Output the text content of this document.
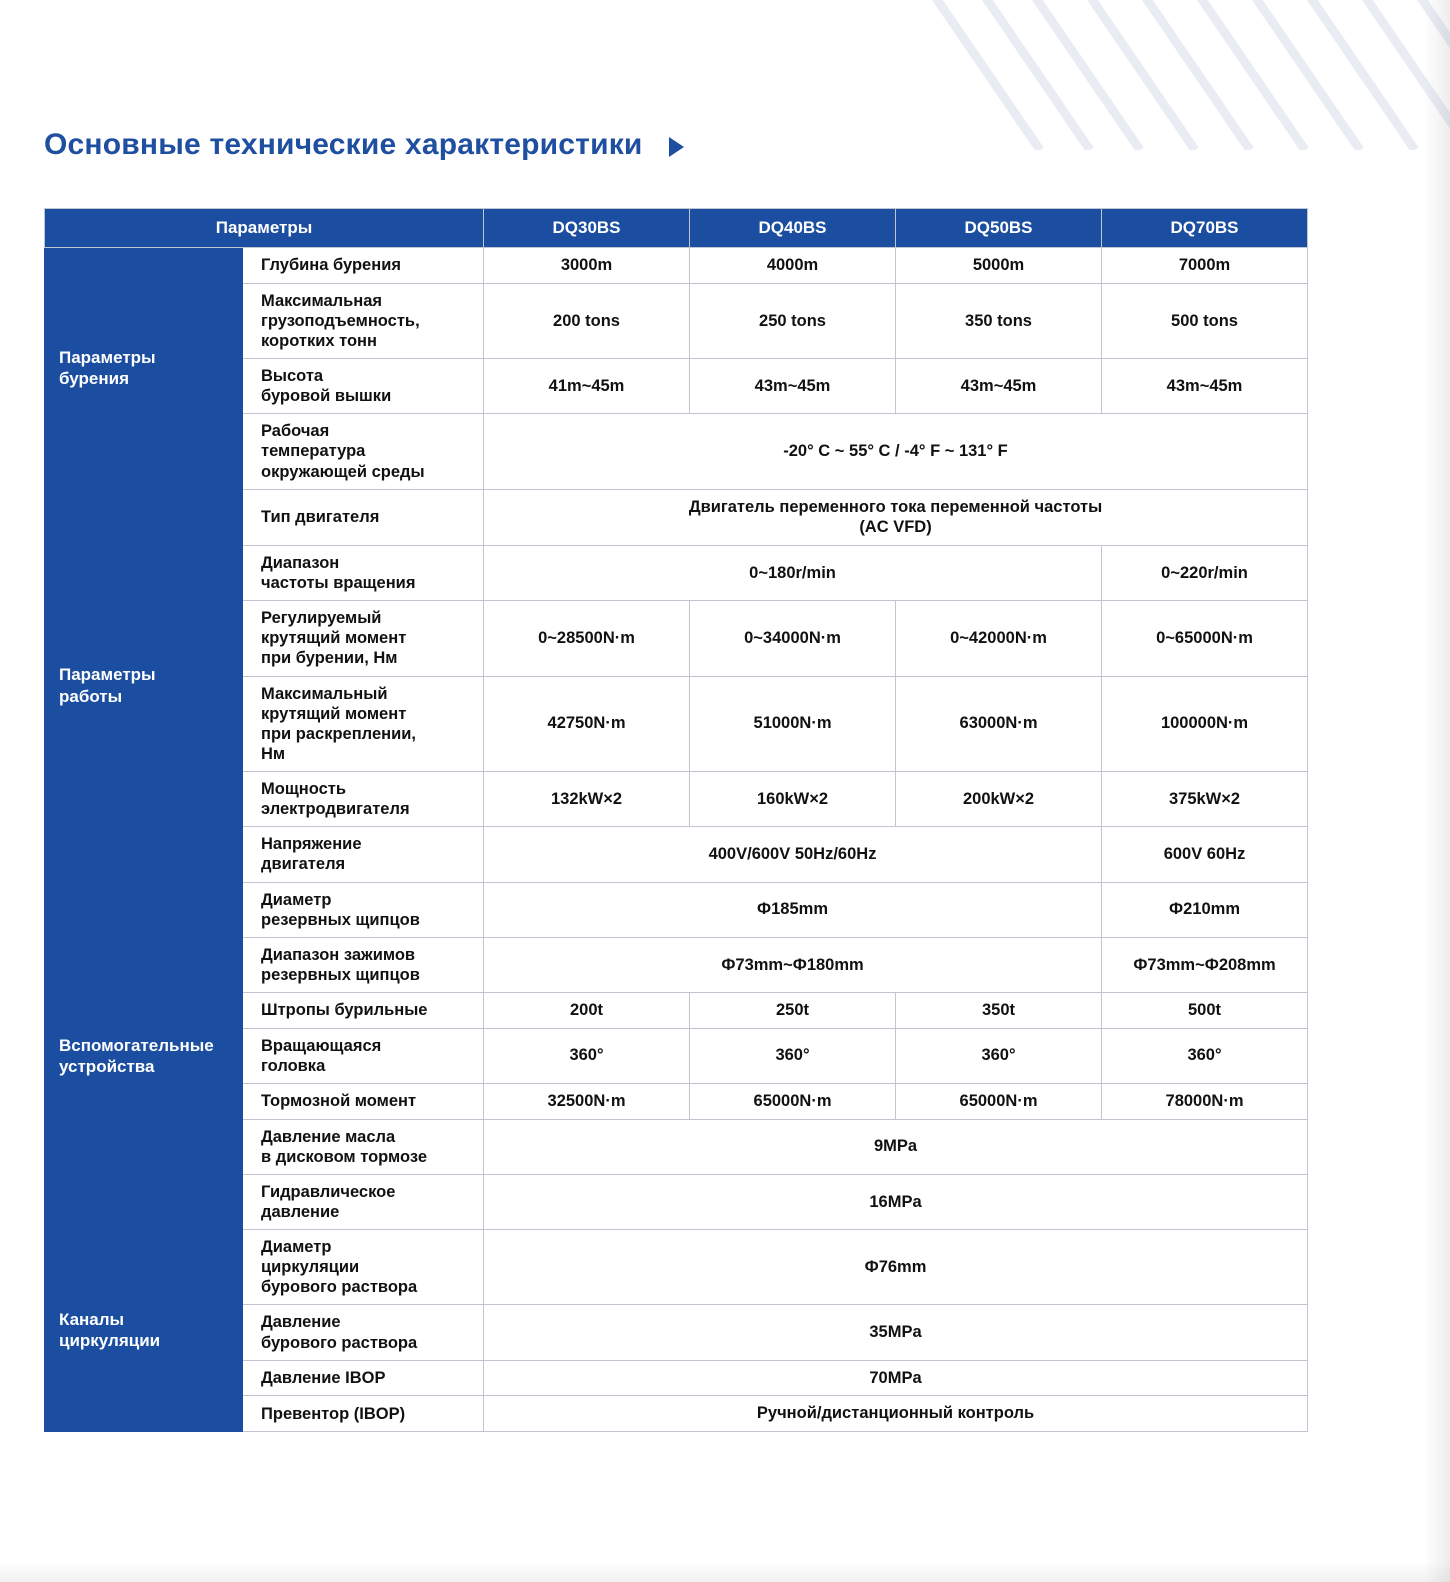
Основные технические характеристики
Параметры		DQ30BS	DQ40BS	DQ50BS	DQ70BS
Параметры
бурения	Глубина бурения	3000m	4000m	5000m	7000m
	Максимальная
грузоподъемность,
коротких тонн	200 tons	250 tons	350 tons	500 tons
	Высота
буровой вышки	41m~45m	43m~45m	43m~45m	43m~45m
	Рабочая
температура
окружающей среды	-20° C ~ 55° C / -4° F ~ 131° F			
Параметры
работы	Тип двигателя	Двигатель переменного тока переменной частоты
(AC VFD)			
	Диапазон
частоты вращения	0~180r/min			0~220r/min
	Регулируемый
крутящий момент
при бурении, Нм	0~28500N·m	0~34000N·m	0~42000N·m	0~65000N·m
	Максимальный
крутящий момент
при раскреплении,
Нм	42750N·m	51000N·m	63000N·m	100000N·m
	Мощность
электродвигателя	132kW×2	160kW×2	200kW×2	375kW×2
	Напряжение
двигателя	400V/600V 50Hz/60Hz			600V 60Hz
Вспомогательные
устройства	Диаметр
резервных щипцов	Ф185mm			Ф210mm
	Диапазон зажимов
резервных щипцов	Ф73mm~Ф180mm			Ф73mm~Ф208mm
	Штропы бурильные	200t	250t	350t	500t
	Вращающаяся
головка	360°	360°	360°	360°
	Тормозной момент	32500N·m	65000N·m	65000N·m	78000N·m
	Давление масла
в дисковом тормозе	9MPa			
	Гидравлическое
давление	16MPa			
Каналы
циркуляции	Диаметр
циркуляции
бурового раствора	Ф76mm			
	Давление
бурового раствора	35MPa			
	Давление IBOP	70MPa			
	Превентор (IBOP)	Ручной/дистанционный контроль			
